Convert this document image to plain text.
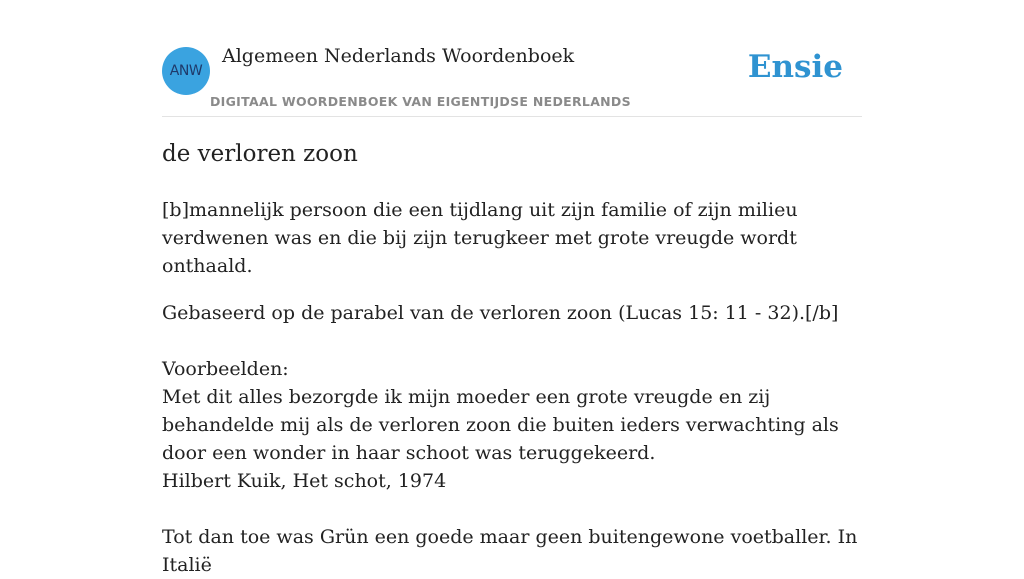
ANW
Algemeen Nederlands Woordenboek
DIGITAAL WOORDENBOEK VAN EIGENTIJDSE NEDERLANDS
Ensie
de verloren zoon

[b]mannelijk persoon die een tijdlang uit zijn familie of zijn milieu verdwenen was en die bij zijn terugkeer met grote vreugde wordt onthaald.

Gebaseerd op de parabel van de verloren zoon (Lucas 15: 11 - 32).[/b]

Voorbeelden:
Met dit alles bezorgde ik mijn moeder een grote vreugde en zij behandelde mij als de verloren zoon die buiten ieders verwachting als door een wonder in haar schoot was teruggekeerd.
Hilbert Kuik, Het schot, 1974
Tot dan toe was Grün een goede maar geen buitengewone voetballer. In Italië
